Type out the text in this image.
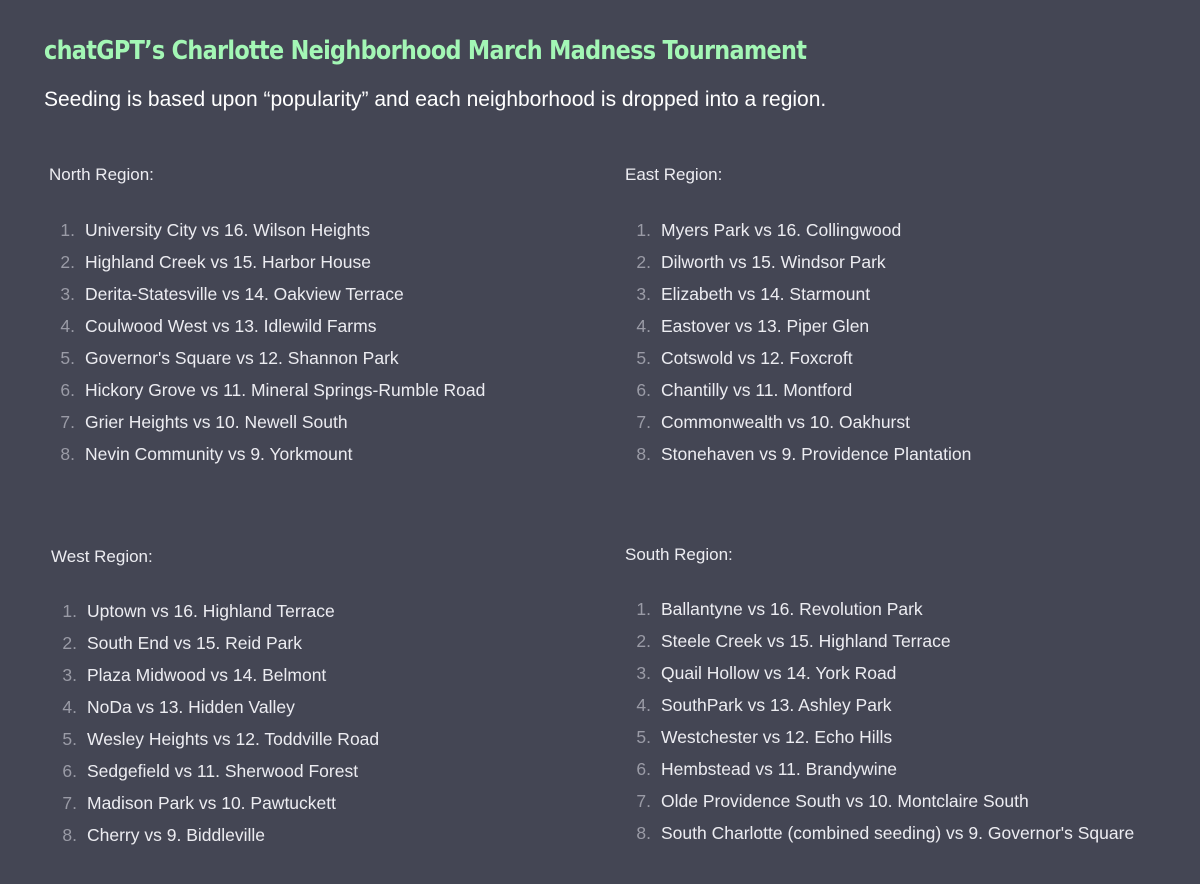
chatGPT’s Charlotte Neighborhood March Madness Tournament
Seeding is based upon “popularity” and each neighborhood is dropped into a region.
North Region:
1. University City vs 16. Wilson Heights
2. Highland Creek vs 15. Harbor House
3. Derita-Statesville vs 14. Oakview Terrace
4. Coulwood West vs 13. Idlewild Farms
5. Governor's Square vs 12. Shannon Park
6. Hickory Grove vs 11. Mineral Springs-Rumble Road
7. Grier Heights vs 10. Newell South
8. Nevin Community vs 9. Yorkmount
East Region:
1. Myers Park vs 16. Collingwood
2. Dilworth vs 15. Windsor Park
3. Elizabeth vs 14. Starmount
4. Eastover vs 13. Piper Glen
5. Cotswold vs 12. Foxcroft
6. Chantilly vs 11. Montford
7. Commonwealth vs 10. Oakhurst
8. Stonehaven vs 9. Providence Plantation
West Region:
1. Uptown vs 16. Highland Terrace
2. South End vs 15. Reid Park
3. Plaza Midwood vs 14. Belmont
4. NoDa vs 13. Hidden Valley
5. Wesley Heights vs 12. Toddville Road
6. Sedgefield vs 11. Sherwood Forest
7. Madison Park vs 10. Pawtuckett
8. Cherry vs 9. Biddleville
South Region:
1. Ballantyne vs 16. Revolution Park
2. Steele Creek vs 15. Highland Terrace
3. Quail Hollow vs 14. York Road
4. SouthPark vs 13. Ashley Park
5. Westchester vs 12. Echo Hills
6. Hembstead vs 11. Brandywine
7. Olde Providence South vs 10. Montclaire South
8. South Charlotte (combined seeding) vs 9. Governor's Square
